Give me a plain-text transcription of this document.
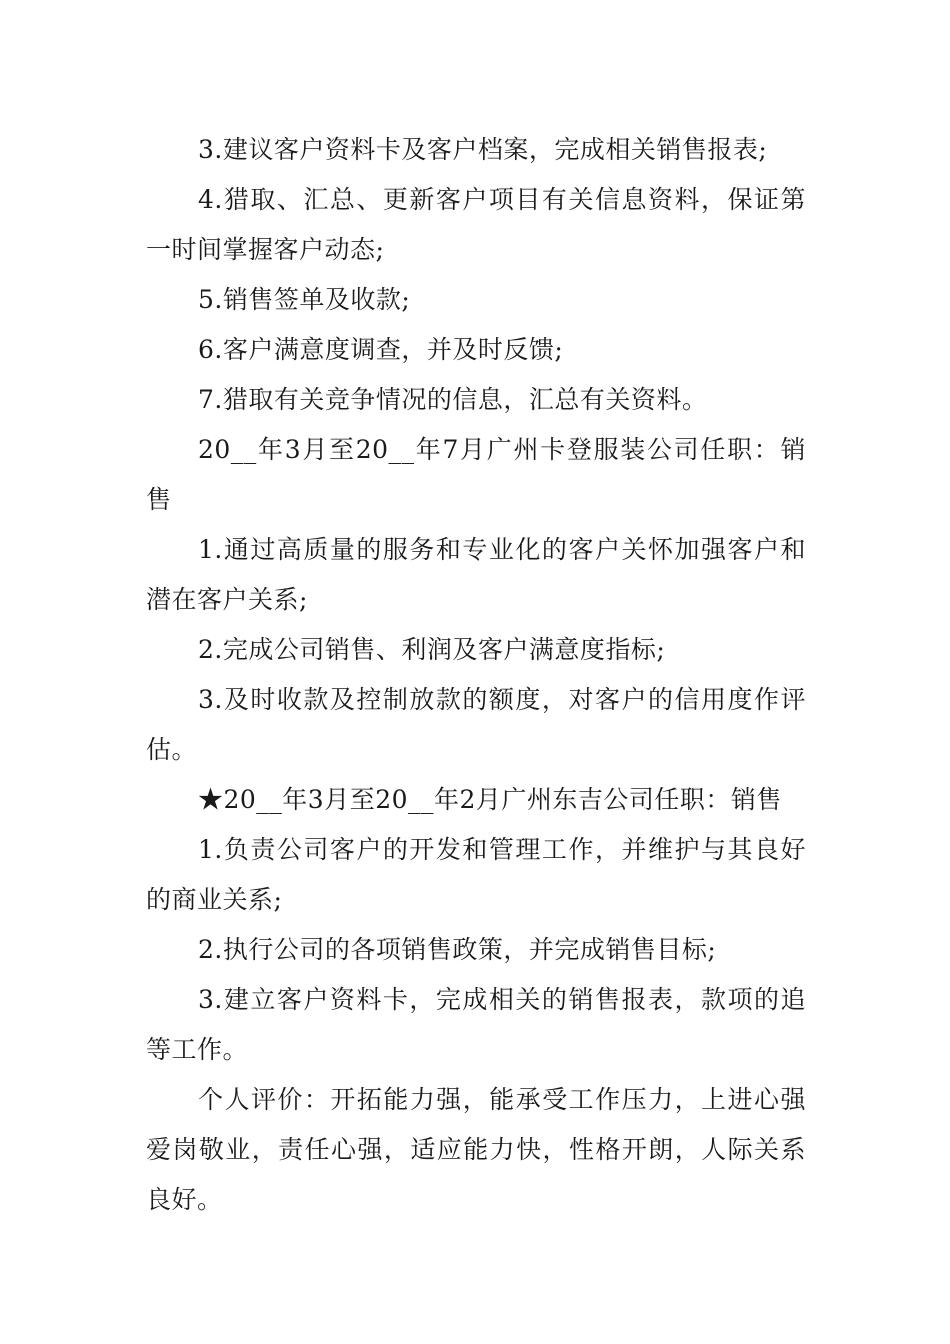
3.建议客户资料卡及客户档案，完成相关销售报表;

4.猎取、汇总、更新客户项目有关信息资料，保证第一时间掌握客户动态;

5.销售签单及收款;

6.客户满意度调查，并及时反馈;

7.猎取有关竞争情况的信息，汇总有关资料。

20__年3月至20__年7月广州卡登服装公司任职：销售

1.通过高质量的服务和专业化的客户关怀加强客户和潜在客户关系;

2.完成公司销售、利润及客户满意度指标;

3.及时收款及控制放款的额度，对客户的信用度作评估。

★20__年3月至20__年2月广州东吉公司任职：销售

1.负责公司客户的开发和管理工作，并维护与其良好的商业关系;

2.执行公司的各项销售政策，并完成销售目标;

3.建立客户资料卡，完成相关的销售报表，款项的追等工作。

个人评价：开拓能力强，能承受工作压力，上进心强爱岗敬业，责任心强，适应能力快，性格开朗，人际关系良好。
